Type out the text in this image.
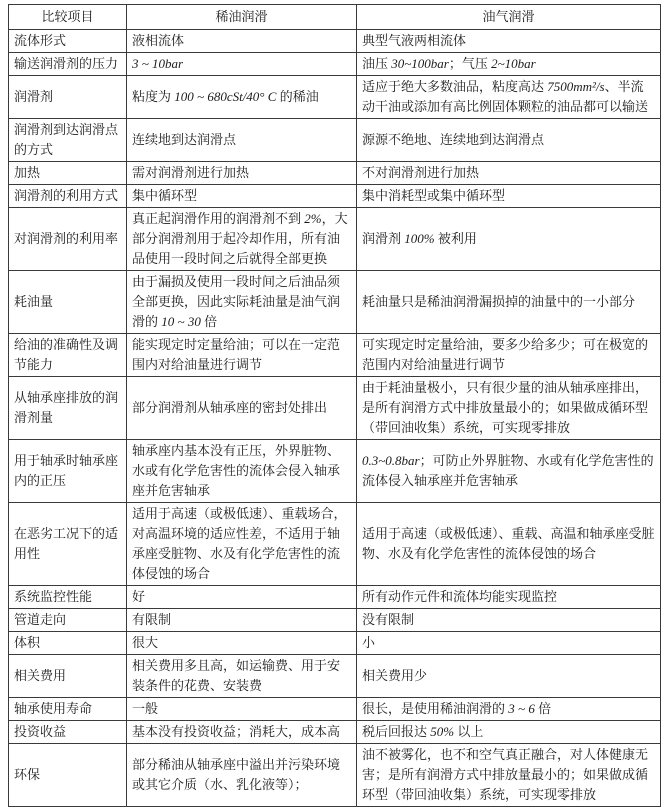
比较项目	稀油润滑	油气润滑
流体形式	液相流体	典型气液两相流体
输送润滑剂的压力	3 ~ 10bar	油压 30~100bar；气压 2~10bar
润滑剂	粘度为 100 ~ 680cSt/40° C 的稀油	适应于绝大多数油品，粘度高达 7500mm²/s、半流动干油或添加有高比例固体颗粒的油品都可以输送
润滑剂到达润滑点的方式	连续地到达润滑点	源源不绝地、连续地到达润滑点
加热	需对润滑剂进行加热	不对润滑剂进行加热
润滑剂的利用方式	集中循环型	集中消耗型或集中循环型
对润滑剂的利用率	真正起润滑作用的润滑剂不到 2%，大部分润滑剂用于起冷却作用，所有油品使用一段时间之后就得全部更换	润滑剂 100% 被利用
耗油量	由于漏损及使用一段时间之后油品须全部更换，因此实际耗油量是油气润滑的 10 ~ 30 倍	耗油量只是稀油润滑漏损掉的油量中的一小部分
给油的准确性及调节能力	能实现定时定量给油；可以在一定范围内对给油量进行调节	可实现定时定量给油，要多少给多少；可在极宽的范围内对给油量进行调节
从轴承座排放的润滑剂量	部分润滑剂从轴承座的密封处排出	由于耗油量极小，只有很少量的油从轴承座排出，是所有润滑方式中排放量最小的；如果做成循环型（带回油收集）系统，可实现零排放
用于轴承时轴承座内的正压	轴承座内基本没有正压，外界脏物、水或有化学危害性的流体会侵入轴承座并危害轴承	0.3~0.8bar；可防止外界脏物、水或有化学危害性的流体侵入轴承座并危害轴承
在恶劣工况下的适用性	适用于高速（或极低速）、重载场合，对高温环境的适应性差，不适用于轴承座受脏物、水及有化学危害性的流体侵蚀的场合	适用于高速（或极低速）、重载、高温和轴承座受脏物、水及有化学危害性的流体侵蚀的场合
系统监控性能	好	所有动作元件和流体均能实现监控
管道走向	有限制	没有限制
体积	很大	小
相关费用	相关费用多且高，如运输费、用于安装条件的花费、安装费	相关费用少
轴承使用寿命	一般	很长，是使用稀油润滑的 3 ~ 6 倍
投资收益	基本没有投资收益；消耗大，成本高	税后回报达 50% 以上
环保	部分稀油从轴承座中溢出并污染环境或其它介质（水、乳化液等）；	油不被雾化，也不和空气真正融合，对人体健康无害；是所有润滑方式中排放量最小的；如果做成循环型（带回油收集）系统，可实现零排放
